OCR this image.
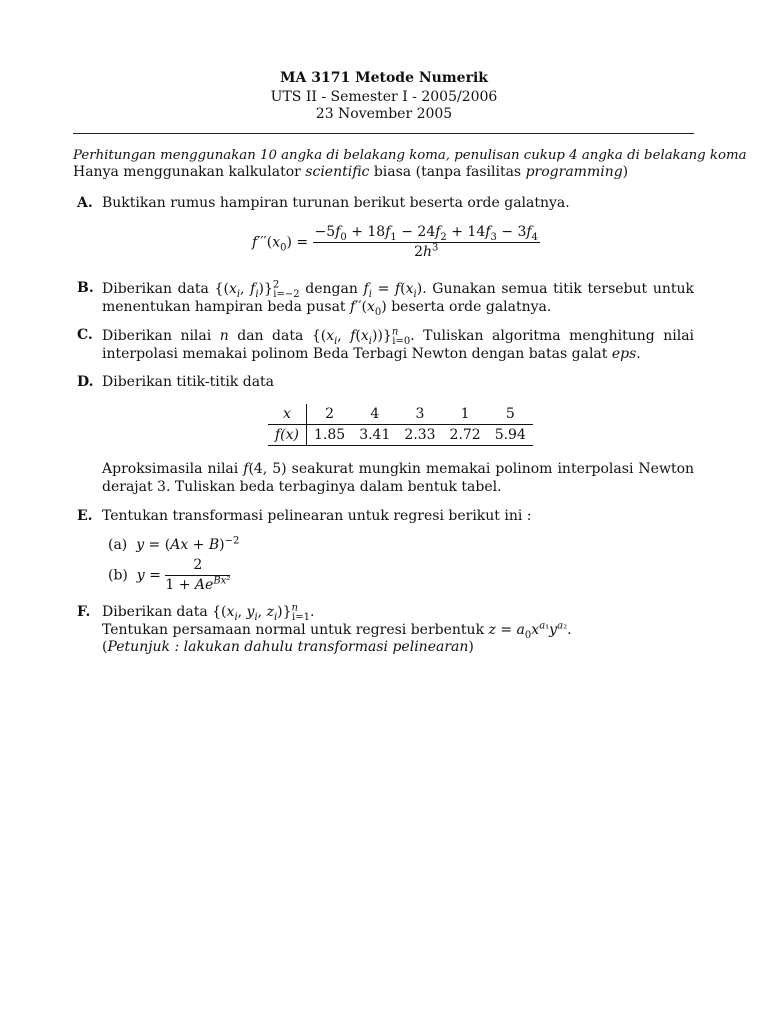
MA 3171 Metode Numerik
UTS II - Semester I - 2005/2006
23 November 2005
Perhitungan menggunakan 10 angka di belakang koma, penulisan cukup 4 angka di belakang koma
Hanya menggunakan kalkulator scientific biasa (tanpa fasilitas programming)
A. Buktikan rumus hampiran turunan berikut beserta orde galatnya.
$f'''(x_0) = \frac{-5f_0 + 18f_1 - 24f_2 + 14f_3 - 3f_4}{2h^3}$
B. Diberikan data {($x_i$, $f_i)\}^2_{i=-2}$ dengan $f_i = f(x_i)$. Gunakan semua titik tersebut untuk menentukan hampiran beda pusat $f''(x_0)$ beserta orde galatnya.
C. Diberikan nilai n dan data {($x_i$, $f(x_i))\}^n_{i=0}$. Tuliskan algoritma menghitung nilai interpolasi memakai polinom Beda Terbagi Newton dengan batas galat eps.
D. Diberikan titik-titik data
x	2	4	3	1	5
f(x)	1.85	3.41	2.33	2.72	5.94
Aproksimasila nilai f(4, 5) seakurat mungkin memakai polinom interpolasi Newton derajat 3. Tuliskan beda terbaginya dalam bentuk tabel.
E. Tentukan transformasi pelinearan untuk regresi berikut ini :
(a) $y = (Ax + B)^{-2}$
(b) $y = \frac{2}{1 + Ae^{Bx^2}}$
F. Diberikan data {($x_i$, $y_i$, $z_i)\}^n_{i=1}$.
Tentukan persamaan normal untuk regresi berbentuk $z = a_0x^{a_1}y^{a_2}$.
(Petunjuk : lakukan dahulu transformasi pelinearan)
